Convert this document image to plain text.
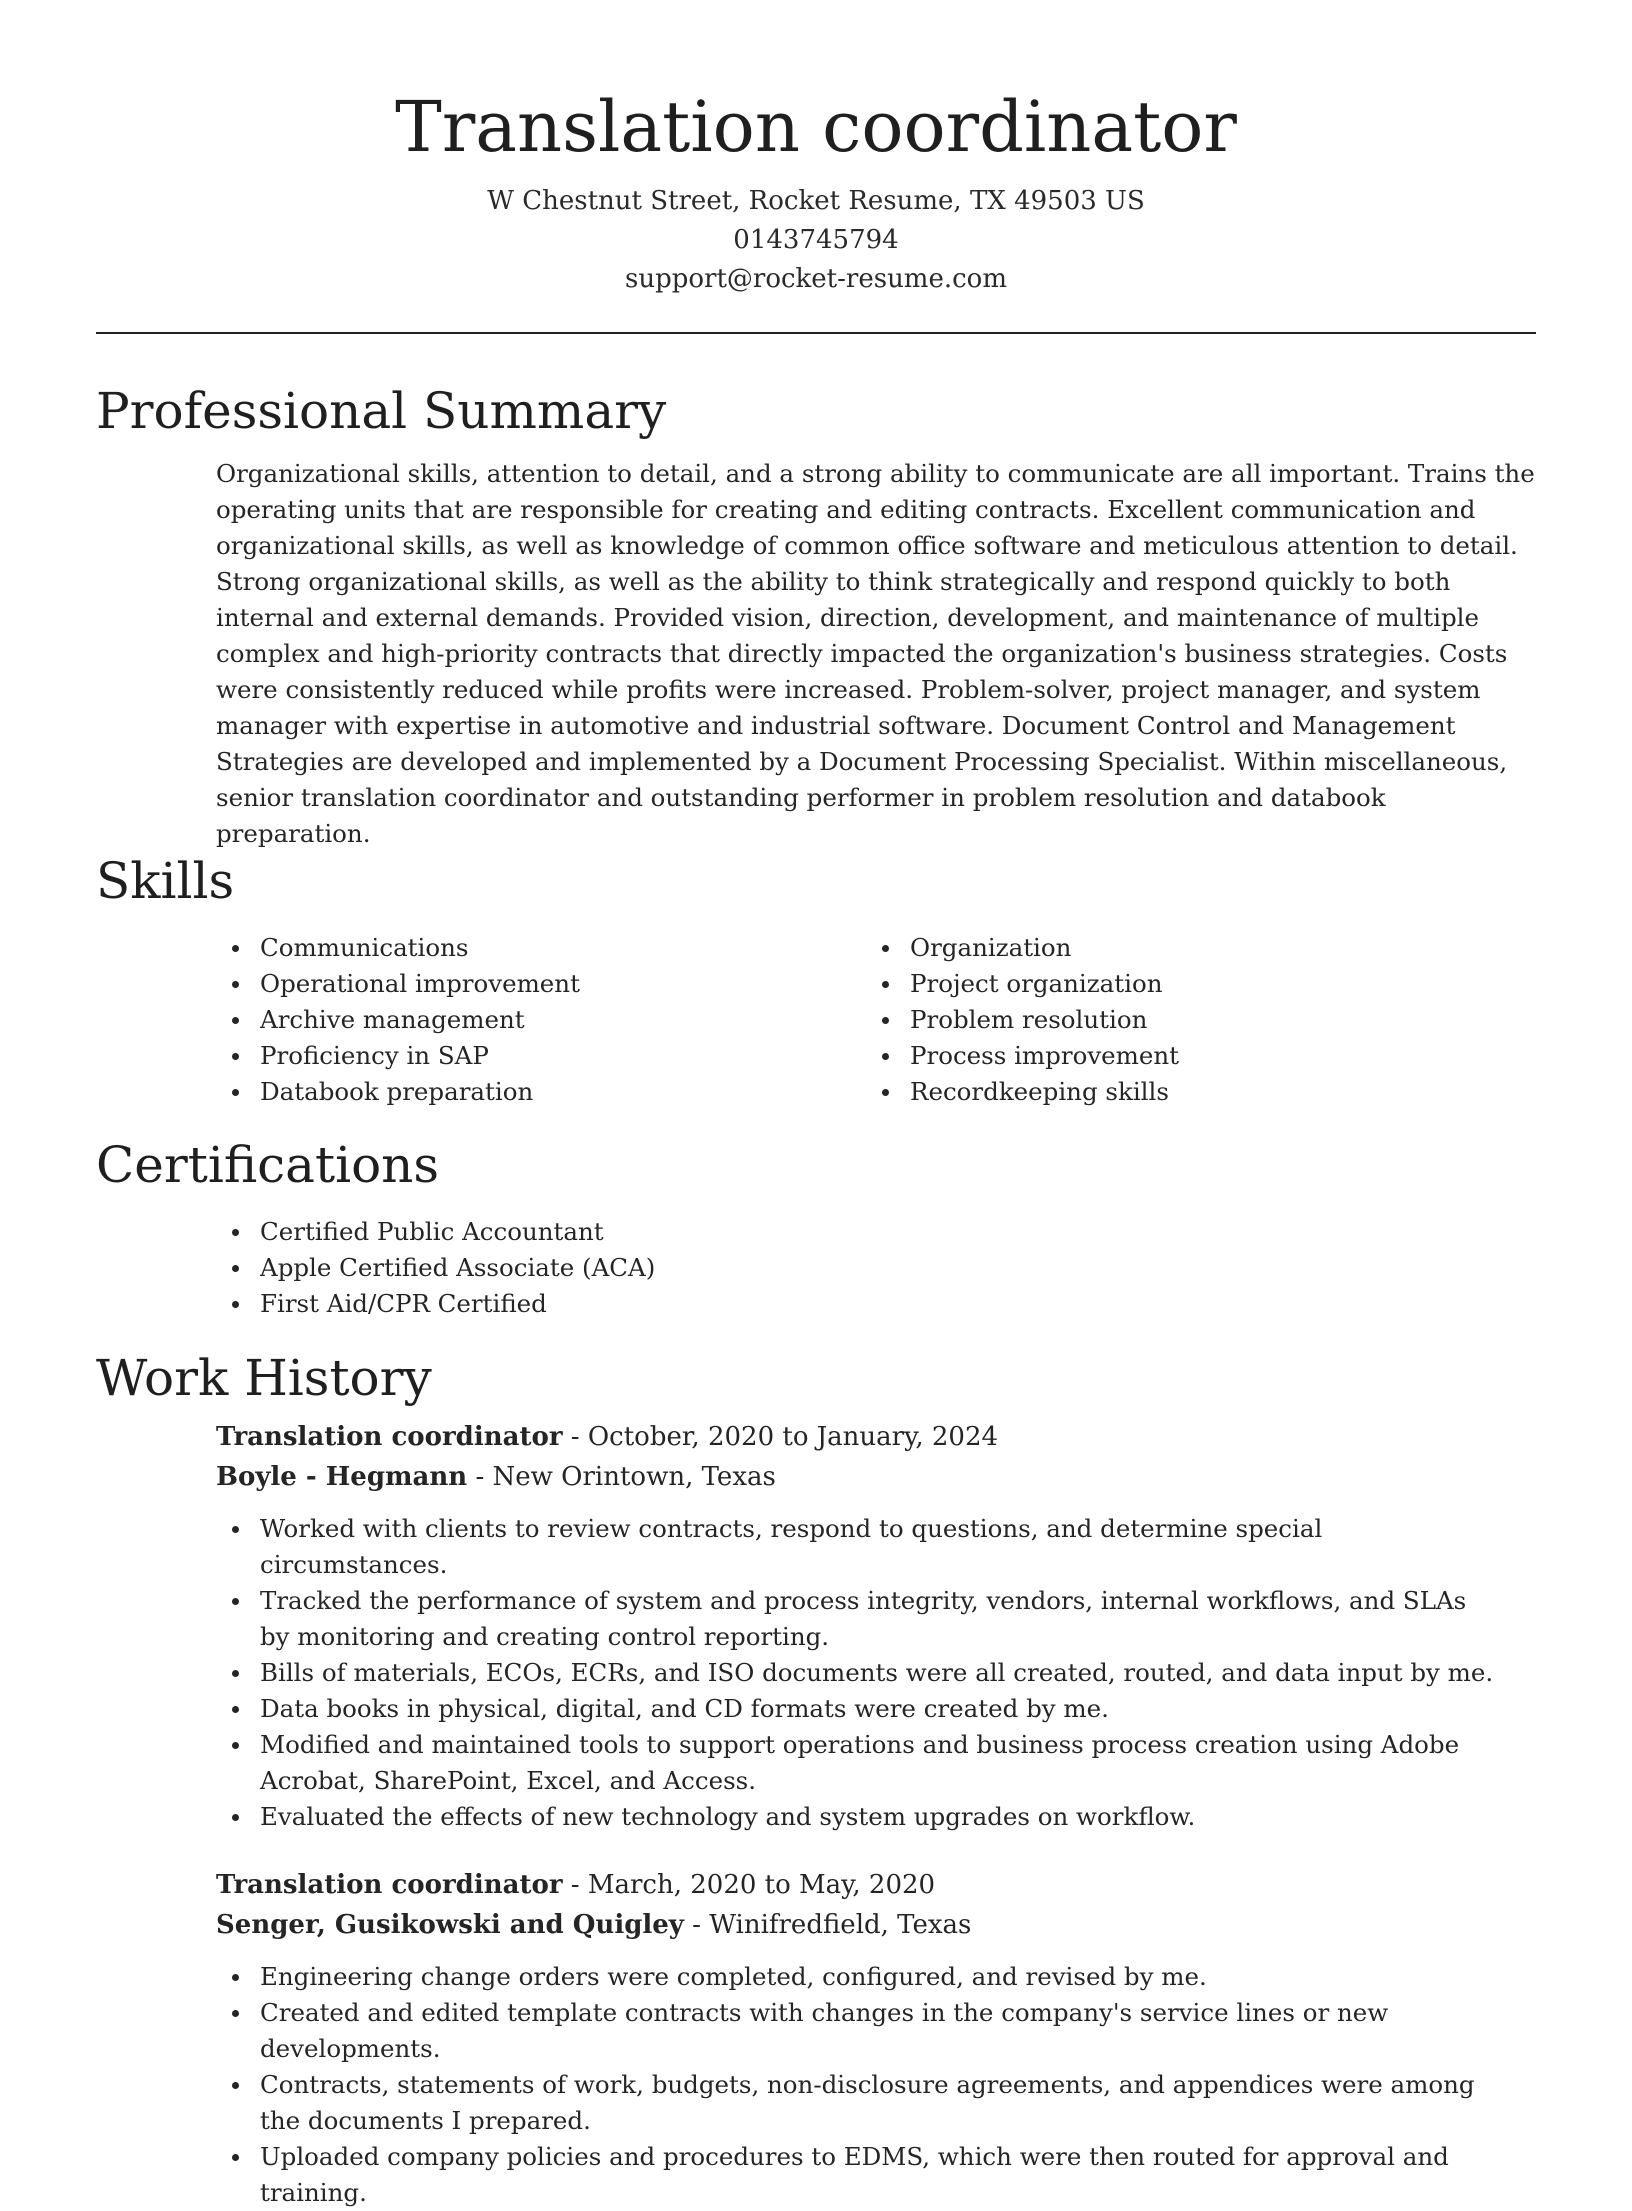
Translation coordinator
W Chestnut Street, Rocket Resume, TX 49503 US
0143745794
support@rocket-resume.com
Professional Summary

Organizational skills, attention to detail, and a strong ability to communicate are all important. Trains the operating units that are responsible for creating and editing contracts. Excellent communication and organizational skills, as well as knowledge of common office software and meticulous attention to detail. Strong organizational skills, as well as the ability to think strategically and respond quickly to both internal and external demands. Provided vision, direction, development, and maintenance of multiple complex and high-priority contracts that directly impacted the organization's business strategies. Costs were consistently reduced while profits were increased. Problem-solver, project manager, and system manager with expertise in automotive and industrial software. Document Control and Management Strategies are developed and implemented by a Document Processing Specialist. Within miscellaneous, senior translation coordinator and outstanding performer in problem resolution and databook preparation.

Skills
Communications
Operational improvement
Archive management
Proficiency in SAP
Databook preparation
Organization
Project organization
Problem resolution
Process improvement
Recordkeeping skills
Certifications
Certified Public Accountant
Apple Certified Associate (ACA)
First Aid/CPR Certified
Work History
Translation coordinator - October, 2020 to January, 2024
Boyle - Hegmann - New Orintown, Texas
Worked with clients to review contracts, respond to questions, and determine special circumstances.
Tracked the performance of system and process integrity, vendors, internal workflows, and SLAs by monitoring and creating control reporting.
Bills of materials, ECOs, ECRs, and ISO documents were all created, routed, and data input by me.
Data books in physical, digital, and CD formats were created by me.
Modified and maintained tools to support operations and business process creation using Adobe Acrobat, SharePoint, Excel, and Access.
Evaluated the effects of new technology and system upgrades on workflow.
Translation coordinator - March, 2020 to May, 2020
Senger, Gusikowski and Quigley - Winifredfield, Texas
Engineering change orders were completed, configured, and revised by me.
Created and edited template contracts with changes in the company's service lines or new developments.
Contracts, statements of work, budgets, non-disclosure agreements, and appendices were among the documents I prepared.
Uploaded company policies and procedures to EDMS, which were then routed for approval and training.
